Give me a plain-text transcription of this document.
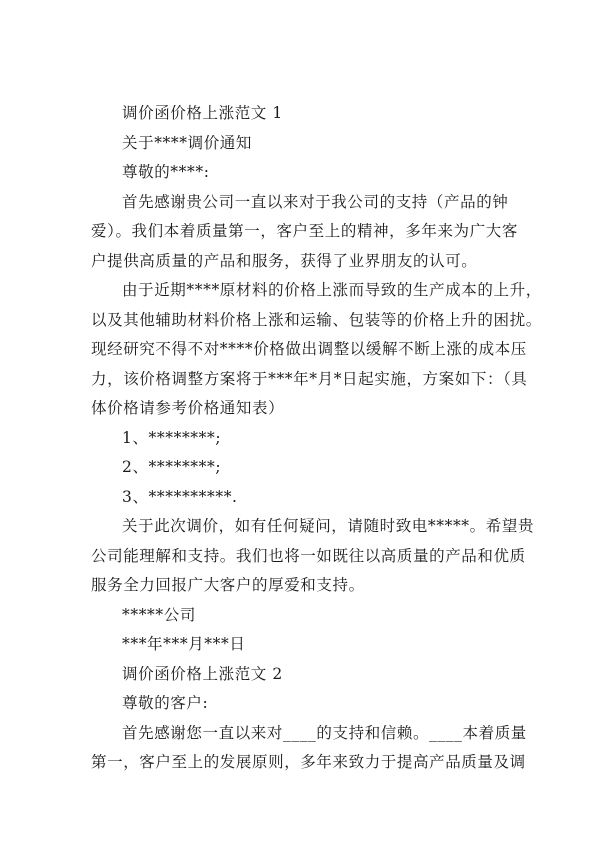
调价函价格上涨范文 1
关于****调价通知
尊敬的****:
首先感谢贵公司一直以来对于我公司的支持（产品的钟
爱）。我们本着质量第一，客户至上的精神，多年来为广大客
户提供高质量的产品和服务，获得了业界朋友的认可。
由于近期****原材料的价格上涨而导致的生产成本的上升，
以及其他辅助材料价格上涨和运输、包装等的价格上升的困扰。
现经研究不得不对****价格做出调整以缓解不断上涨的成本压
力，该价格调整方案将于***年*月*日起实施，方案如下：（具
体价格请参考价格通知表）
1、********;
2、********;
3、**********.
关于此次调价，如有任何疑问，请随时致电*****。希望贵
公司能理解和支持。我们也将一如既往以高质量的产品和优质
服务全力回报广大客户的厚爱和支持。
*****公司
***年***月***日
调价函价格上涨范文 2
尊敬的客户:
首先感谢您一直以来对____的支持和信赖。____本着质量
第一，客户至上的发展原则，多年来致力于提高产品质量及调
